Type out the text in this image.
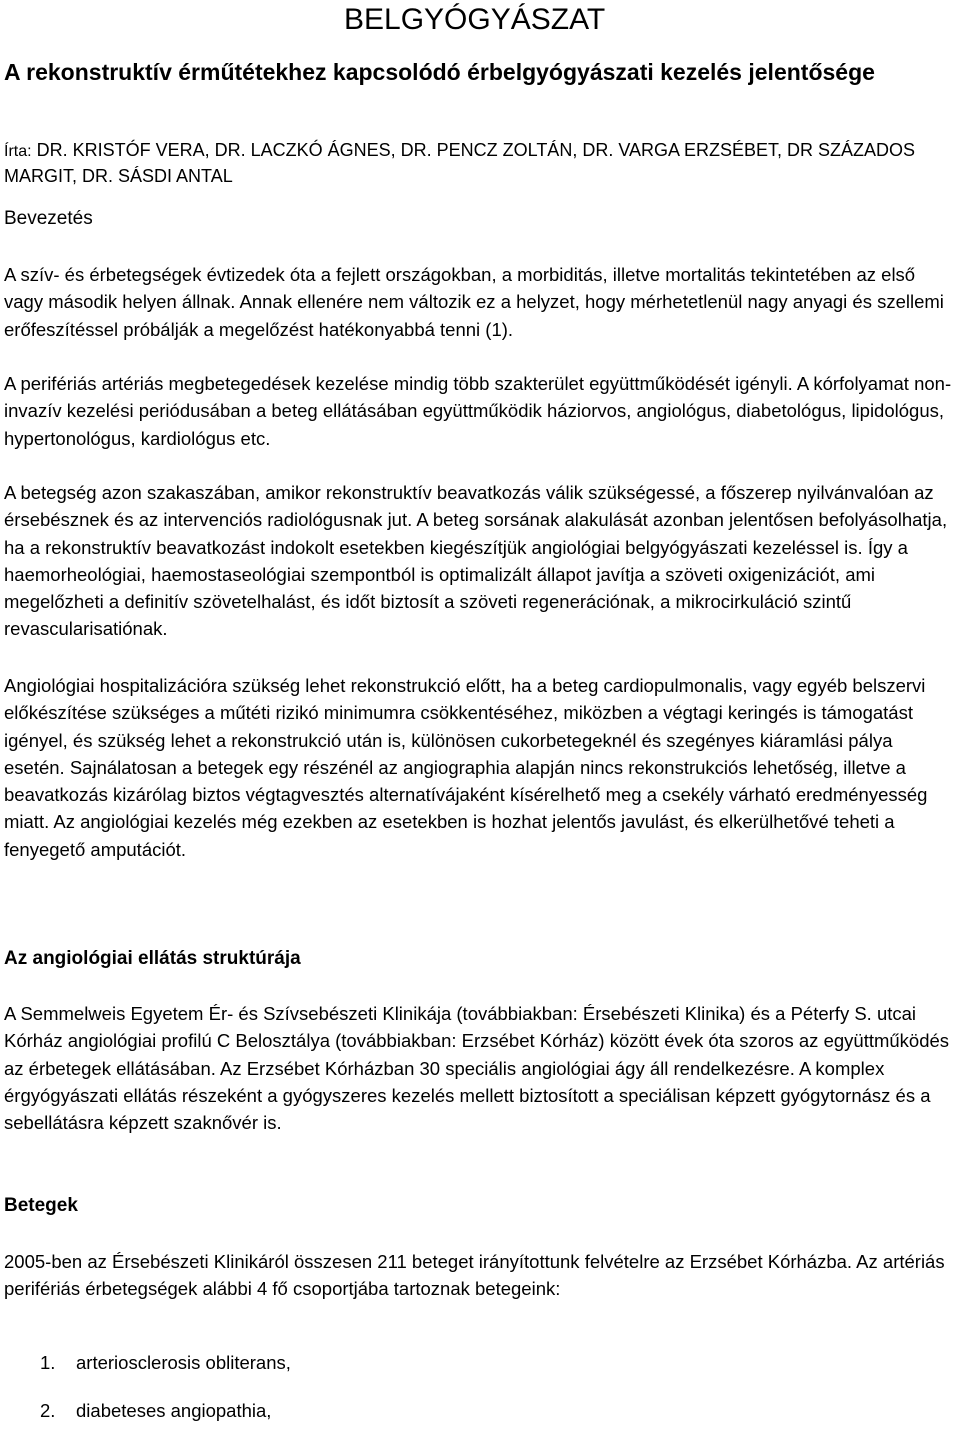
BELGYÓGYÁSZAT
A rekonstruktív érműtétekhez kapcsolódó érbelgyógyászati kezelés jelentősége

Írta: DR. KRISTÓF VERA, DR. LACZKÓ ÁGNES, DR. PENCZ ZOLTÁN, DR. VARGA ERZSÉBET, DR SZÁZADOS MARGIT, DR. SÁSDI ANTAL

Bevezetés

A szív- és érbetegségek évtizedek óta a fejlett országokban, a morbiditás, illetve mortalitás tekintetében az első vagy második helyen állnak. Annak ellenére nem változik ez a helyzet, hogy mérhetetlenül nagy anyagi és szellemi erőfeszítéssel próbálják a megelőzést hatékonyabbá tenni (1).

A perifériás artériás megbetegedések kezelése mindig több szakterület együttműködését igényli. A kórfolyamat non-invazív kezelési periódusában a beteg ellátásában együttműködik háziorvos, angiológus, diabetológus, lipidológus, hypertonológus, kardiológus etc.

A betegség azon szakaszában, amikor rekonstruktív beavatkozás válik szükségessé, a főszerep nyilvánvalóan az érsebésznek és az intervenciós radiológusnak jut. A beteg sorsának alakulását azonban jelentősen befolyásolhatja, ha a rekonstruktív beavatkozást indokolt esetekben kiegészítjük angiológiai belgyógyászati kezeléssel is. Így a haemorheológiai, haemostaseológiai szempontból is optimalizált állapot javítja a szöveti oxigenizációt, ami megelőzheti a definitív szövetelhalást, és időt biztosít a szöveti regenerációnak, a mikrocirkuláció szintű revascularisatiónak.

Angiológiai hospitalizációra szükség lehet rekonstrukció előtt, ha a beteg cardiopulmonalis, vagy egyéb belszervi előkészítése szükséges a műtéti rizikó minimumra csökkentéséhez, miközben a végtagi keringés is támogatást igényel, és szükség lehet a rekonstrukció után is, különösen cukorbetegeknél és szegényes kiáramlási pálya esetén. Sajnálatosan a betegek egy részénél az angiographia alapján nincs rekonstrukciós lehetőség, illetve a beavatkozás kizárólag biztos végtagvesztés alternatívájaként kísérelhető meg a csekély várható eredményesség miatt. Az angiológiai kezelés még ezekben az esetekben is hozhat jelentős javulást, és elkerülhetővé teheti a fenyegető amputációt.

Az angiológiai ellátás struktúrája

A Semmelweis Egyetem Ér- és Szívsebészeti Klinikája (továbbiakban: Érsebészeti Klinika) és a Péterfy S. utcai Kórház angiológiai profilú C Belosztálya (továbbiakban: Erzsébet Kórház) között évek óta szoros az együttműködés az érbetegek ellátásában. Az Erzsébet Kórházban 30 speciális angiológiai ágy áll rendelkezésre. A komplex érgyógyászati ellátás részeként a gyógyszeres kezelés mellett biztosított a speciálisan képzett gyógytornász és a sebellátásra képzett szaknővér is.

Betegek

2005-ben az Érsebészeti Klinikáról összesen 211 beteget irányítottunk felvételre az Erzsébet Kórházba. Az artériás perifériás érbetegségek alábbi 4 fő csoportjába tartoznak betegeink:

1. arteriosclerosis obliterans,
2. diabeteses angiopathia,
